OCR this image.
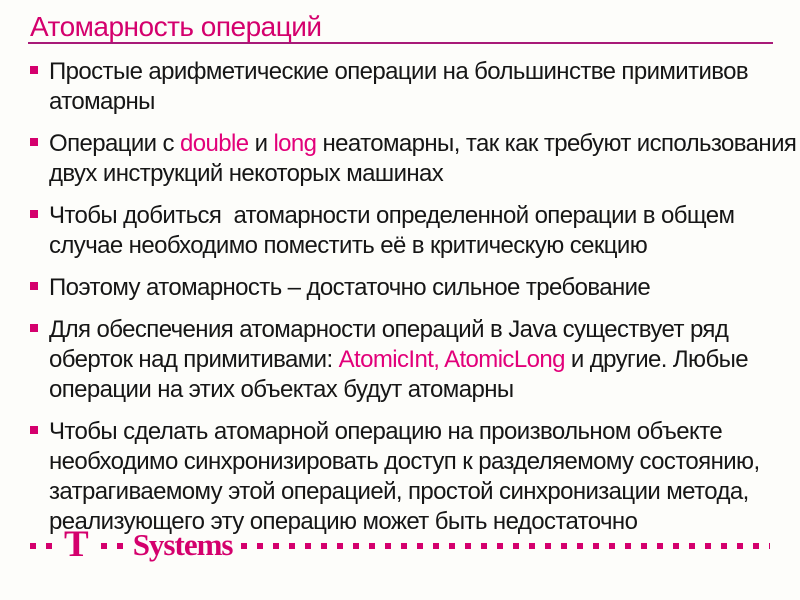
Атомарность операций
Простые арифметические операции на большинстве примитивов
атомарны
Операции с double и long неатомарны, так как требуют использования
двух инструкций некоторых машинах
Чтобы добиться  атомарности определенной операции в общем
случае необходимо поместить её в критическую секцию
Поэтому атомарность – достаточно сильное требование
Для обеспечения атомарности операций в Java существует ряд
оберток над примитивами: AtomicInt, AtomicLong и другие. Любые
операции на этих объектах будут атомарны
Чтобы сделать атомарной операцию на произвольном объекте
необходимо синхронизировать доступ к разделяемому состоянию,
затрагиваемому этой операцией, простой синхронизации метода,
реализующего эту операцию может быть недостаточно
T Systems
